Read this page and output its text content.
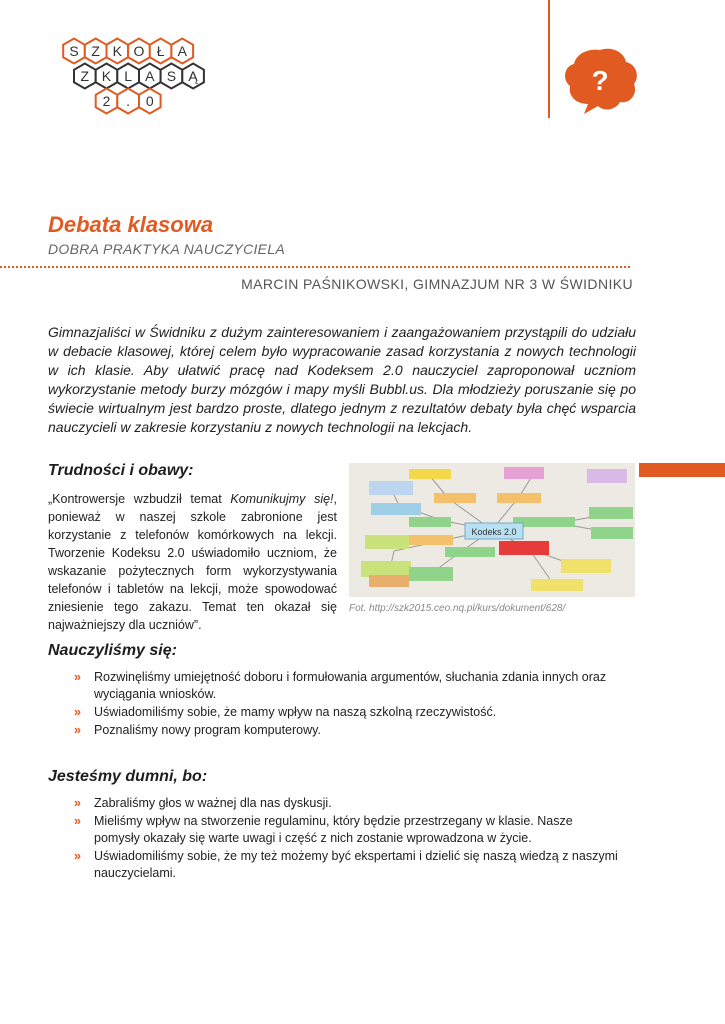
S Z K O Ł A
Z K L A S Ą
2 . 0
?
Debata klasowa
DOBRA PRAKTYKA NAUCZYCIELA
MARCIN PAŚNIKOWSKI, GIMNAZJUM NR 3 W ŚWIDNIKU
Gimnazjaliści w Świdniku z dużym zainteresowaniem i zaangażowaniem przystąpili do udziału w debacie klasowej, której celem było wypracowanie zasad korzystania z nowych technologii w ich klasie. Aby ułatwić pracę nad Kodeksem 2.0 nauczyciel zaproponował uczniom wykorzystanie metody burzy mózgów i mapy myśli Bubbl.us. Dla młodzieży poruszanie się po świecie wirtualnym jest bardzo proste, dlatego jednym z rezultatów debaty była chęć wsparcia nauczycieli w zakresie korzystaniu z nowych technologii na lekcjach.
Trudności i obawy:
„Kontrowersje wzbudził temat Komunikujmy się!, ponieważ w naszej szkole zabronione jest korzystanie z telefonów komórkowych na lekcji. Tworzenie Kodeksu 2.0 uświadomiło uczniom, że wskazanie pożytecznych form wykorzystywania telefonów i tabletów na lekcji, może spowodować zniesienie tego zakazu. Temat ten okazał się najważniejszy dla uczniów”.
Kodeks 2.0
Fot. http://szk2015.ceo.nq.pl/kurs/dokument/628/
Nauczyliśmy się:
» Rozwinęliśmy umiejętność doboru i formułowania argumentów, słuchania zdania innych oraz wyciągania wniosków.
» Uświadomiliśmy sobie, że mamy wpływ na naszą szkolną rzeczywistość.
» Poznaliśmy nowy program komputerowy.
Jesteśmy dumni, bo:
» Zabraliśmy głos w ważnej dla nas dyskusji.
» Mieliśmy wpływ na stworzenie regulaminu, który będzie przestrzegany w klasie. Nasze pomysły okazały się warte uwagi i część z nich zostanie wprowadzona w życie.
» Uświadomiliśmy sobie, że my też możemy być ekspertami i dzielić się naszą wiedzą z naszymi nauczycielami.
